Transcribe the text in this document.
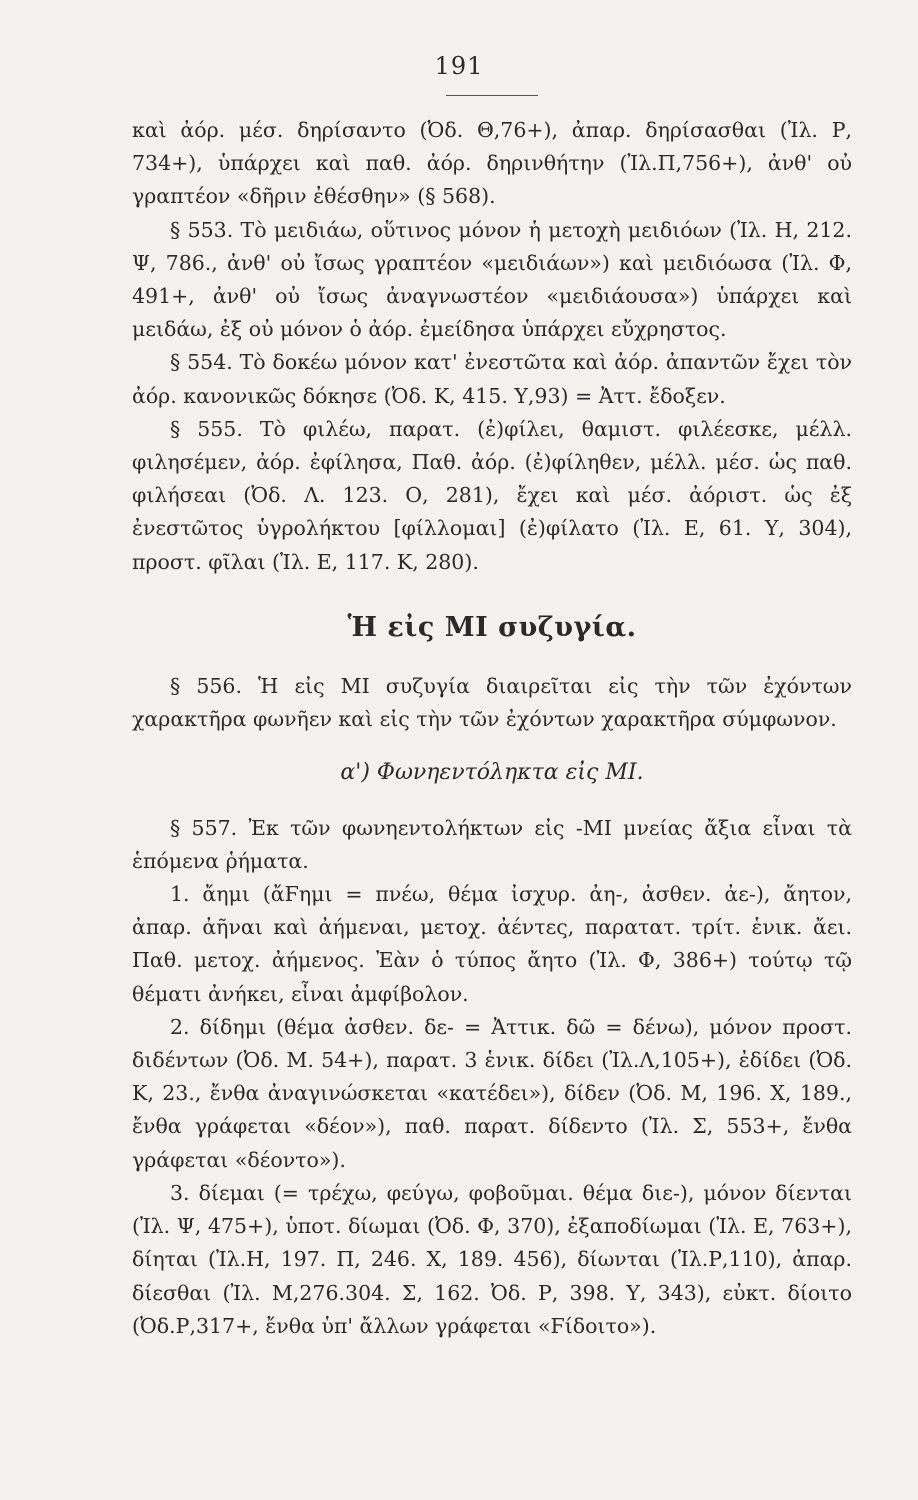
191

καὶ ἀόρ. μέσ. δηρίσαντο (Ὀδ. Θ,76+), ἀπαρ. δηρίσασθαι (Ἰλ. Ρ, 734+), ὑπάρχει καὶ παθ. ἀόρ. δηρινθήτην (Ἰλ.Π,756+), ἀνθ' οὐ γραπτέον «δῆριν ἐθέσθην» (§ 568).

§ 553. Τὸ μειδιάω, οὕτινος μόνον ἡ μετοχὴ μειδιόων (Ἰλ. Η, 212. Ψ, 786., ἀνθ' οὐ ἴσως γραπτέον «μειδιάων») καὶ μειδιόωσα (Ἰλ. Φ, 491+, ἀνθ' οὐ ἴσως ἀναγνωστέον «μειδιάουσα») ὑπάρχει καὶ μειδάω, ἐξ οὐ μόνον ὁ ἀόρ. ἐμείδησα ὑπάρχει εὔχρηστος.

§ 554. Τὸ δοκέω μόνον κατ' ἐνεστῶτα καὶ ἀόρ. ἀπαντῶν ἔχει τὸν ἀόρ. κανονικῶς δόκησε (Ὀδ. Κ, 415. Υ,93) = Ἀττ. ἔδοξεν.

§ 555. Τὸ φιλέω, παρατ. (ἐ)φίλει, θαμιστ. φιλέεσκε, μέλλ. φιλησέμεν, ἀόρ. ἐφίλησα, Παθ. ἀόρ. (ἐ)φίληθεν, μέλλ. μέσ. ὡς παθ. φιλήσεαι (Ὀδ. Λ. 123. Ο, 281), ἔχει καὶ μέσ. ἀόριστ. ὡς ἐξ ἐνεστῶτος ὑγρολήκτου [φίλλομαι] (ἐ)φίλατο (Ἰλ. Ε, 61. Υ, 304), προστ. φῖλαι (Ἰλ. Ε, 117. Κ, 280).

Ἡ εἰς ΜΙ συζυγία.

§ 556. Ἡ εἰς ΜΙ συζυγία διαιρεῖται εἰς τὴν τῶν ἐχόντων χαρακτῆρα φωνῆεν καὶ εἰς τὴν τῶν ἐχόντων χαρακτῆρα σύμφωνον.

α') Φωνηεντόληκτα εἰς ΜΙ.

§ 557. Ἐκ τῶν φωνηεντολήκτων εἰς -ΜΙ μνείας ἄξια εἶναι τὰ ἑπόμενα ῥήματα.

1. ἄημι (ἄϜημι = πνέω, θέμα ἰσχυρ. ἀη-, ἀσθεν. ἀε-), ἄητον, ἀπαρ. ἀῆναι καὶ ἀήμεναι, μετοχ. ἀέντες, παρατατ. τρίτ. ἑνικ. ἄει. Παθ. μετοχ. ἀήμενος. Ἐὰν ὁ τύπος ἄητο (Ἰλ. Φ, 386+) τούτῳ τῷ θέματι ἀνήκει, εἶναι ἀμφίβολον.

2. δίδημι (θέμα ἀσθεν. δε- = Ἀττικ. δῶ = δένω), μόνον προστ. διδέντων (Ὀδ. Μ. 54+), παρατ. 3 ἑνικ. δίδει (Ἰλ.Λ,105+), ἐδίδει (Ὀδ. Κ, 23., ἔνθα ἀναγινώσκεται «κατέδει»), δίδεν (Ὀδ. Μ, 196. Χ, 189., ἔνθα γράφεται «δέον»), παθ. παρατ. δίδεντο (Ἰλ. Σ, 553+, ἔνθα γράφεται «δέοντο»).

3. δίεμαι (= τρέχω, φεύγω, φοβοῦμαι. θέμα διε-), μόνον δίενται (Ἰλ. Ψ, 475+), ὑποτ. δίωμαι (Ὀδ. Φ, 370), ἐξαποδίωμαι (Ἰλ. Ε, 763+), δίηται (Ἰλ.Η, 197. Π, 246. Χ, 189. 456), δίωνται (Ἰλ.Ρ,110), ἀπαρ. δίεσθαι (Ἰλ. Μ,276.304. Σ, 162. Ὀδ. Ρ, 398. Υ, 343), εὐκτ. δίοιτο (Ὀδ.Ρ,317+, ἔνθα ὑπ' ἄλλων γράφεται «Ϝίδοιτο»).
